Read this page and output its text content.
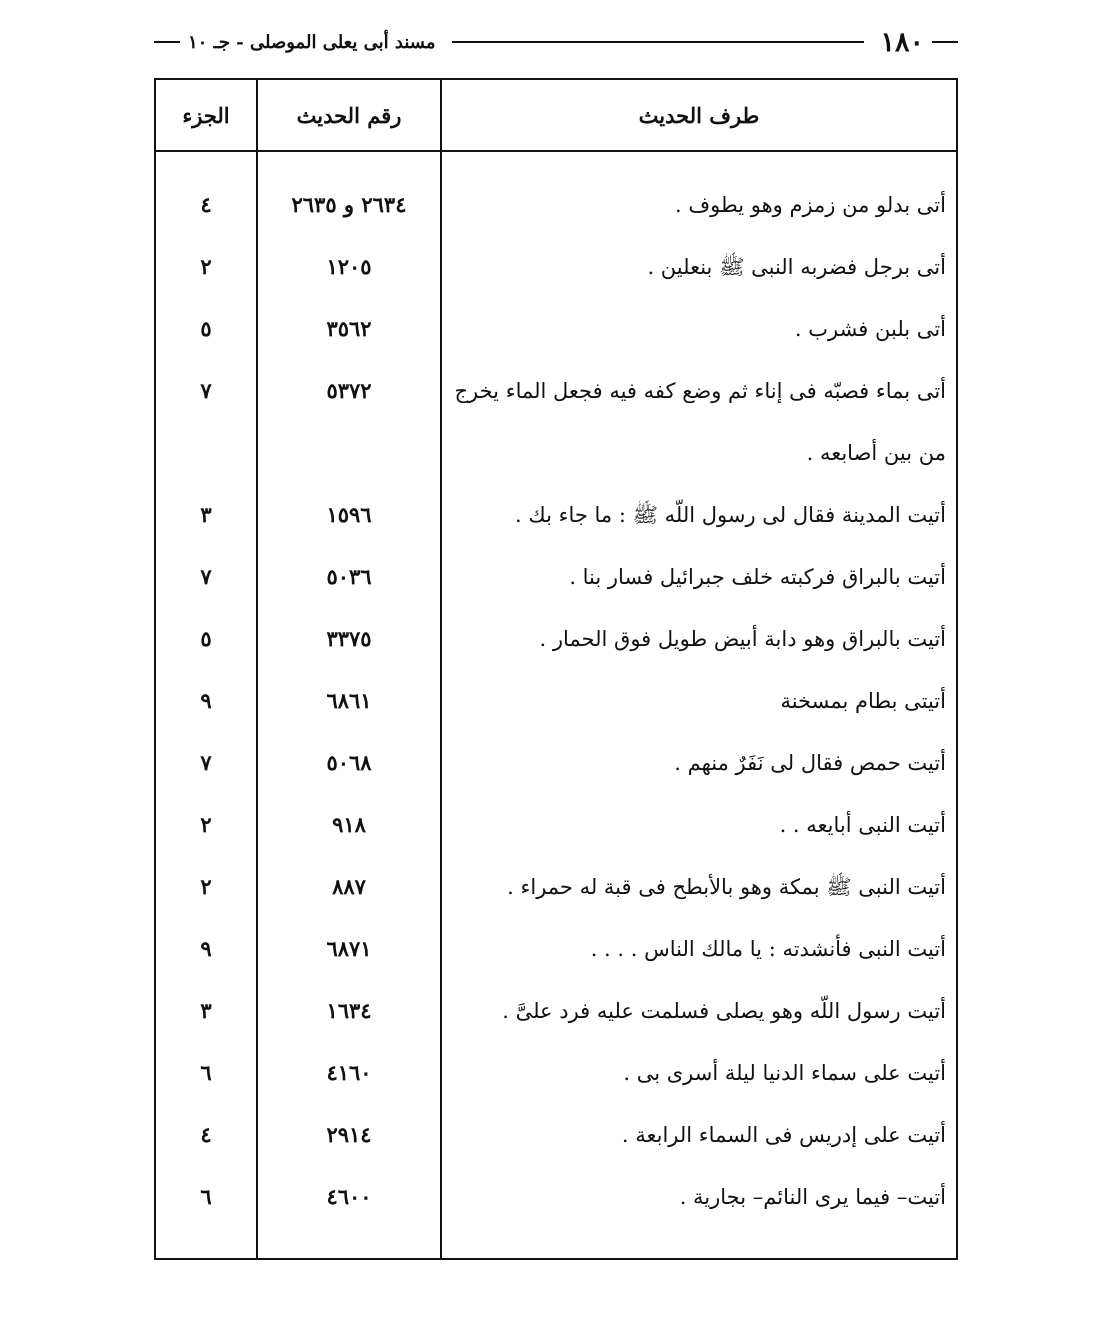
١٨٠
مسند أبى يعلى الموصلى - جـ ١٠
طرف الحديث
رقم الحديث
الجزء
أتى بدلو من زمزم وهو يطوف .
٢٦٣٤ و ٢٦٣٥
٤
أتى برجل فضربه النبى ﷺ بنعلين .
١٢٠٥
٢
أتى بلبن فشرب .
٣٥٦٢
٥
أتى بماء فصبّه فى إناء ثم وضع كفه فيه فجعل الماء يخرج من بين أصابعه .
٥٣٧٢
٧
أتيت المدينة فقال لى رسول اللّه ﷺ : ما جاء بك .
١٥٩٦
٣
أتيت بالبراق فركبته خلف جبرائيل فسار بنا .
٥٠٣٦
٧
أتيت بالبراق وهو دابة أبيض طويل فوق الحمار .
٣٣٧٥
٥
أتيتى بطام بمسخنة
٦٨٦١
٩
أتيت حمص فقال لى نَفَرٌ منهم .
٥٠٦٨
٧
أتيت النبى أبايعه . .
٩١٨
٢
أتيت النبى ﷺ بمكة وهو بالأبطح فى قبة له حمراء .
٨٨٧
٢
أتيت النبى فأنشدته : يا مالك الناس . . . .
٦٨٧١
٩
أتيت رسول اللّه وهو يصلى فسلمت عليه فرد علىَّ .
١٦٣٤
٣
أتيت على سماء الدنيا ليلة أسرى بى .
٤١٦٠
٦
أتيت على إدريس فى السماء الرابعة .
٢٩١٤
٤
أتيت– فيما يرى النائم– بجارية .
٤٦٠٠
٦
